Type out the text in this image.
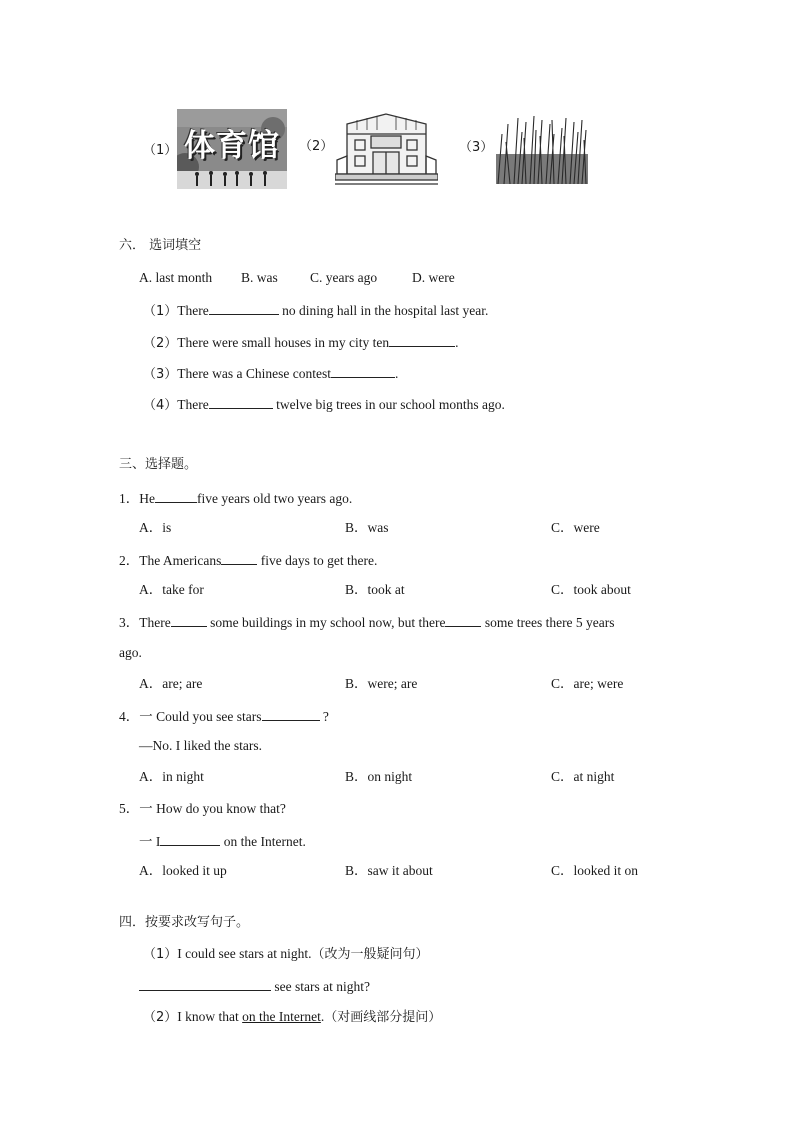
（1） 体育馆	（2）	（3）
六． 选词填空
A. last month B. was C. years ago	D. were
（1）There	no dining hall in the hospital last year.
（2）There were small houses in my city ten	.
（3）There was a Chinese contest	.
（4）There	twelve big trees in our school months ago.
三、选择题。
1．He	five years old two years ago.
A．is	B．was	C．were
2．The Americans	five days to get there.
A．take for	B．took at	C．took about
3．There	some buildings in my school now, but there	some trees there 5 years
ago.
A．are; are	B．were; are	C．are; were
4．一 Could you see stars	?
—No. I liked the stars.
A．in night	B．on night	C．at night
5．一 How do you know that?
一 I	on the Internet.
A．looked it up	B．saw it about	C．looked it on
四．按要求改写句子。
（1）I could see stars at night.（改为一般疑问句）
see stars at night?
（2）I know that on the Internet.（对画线部分提问）
